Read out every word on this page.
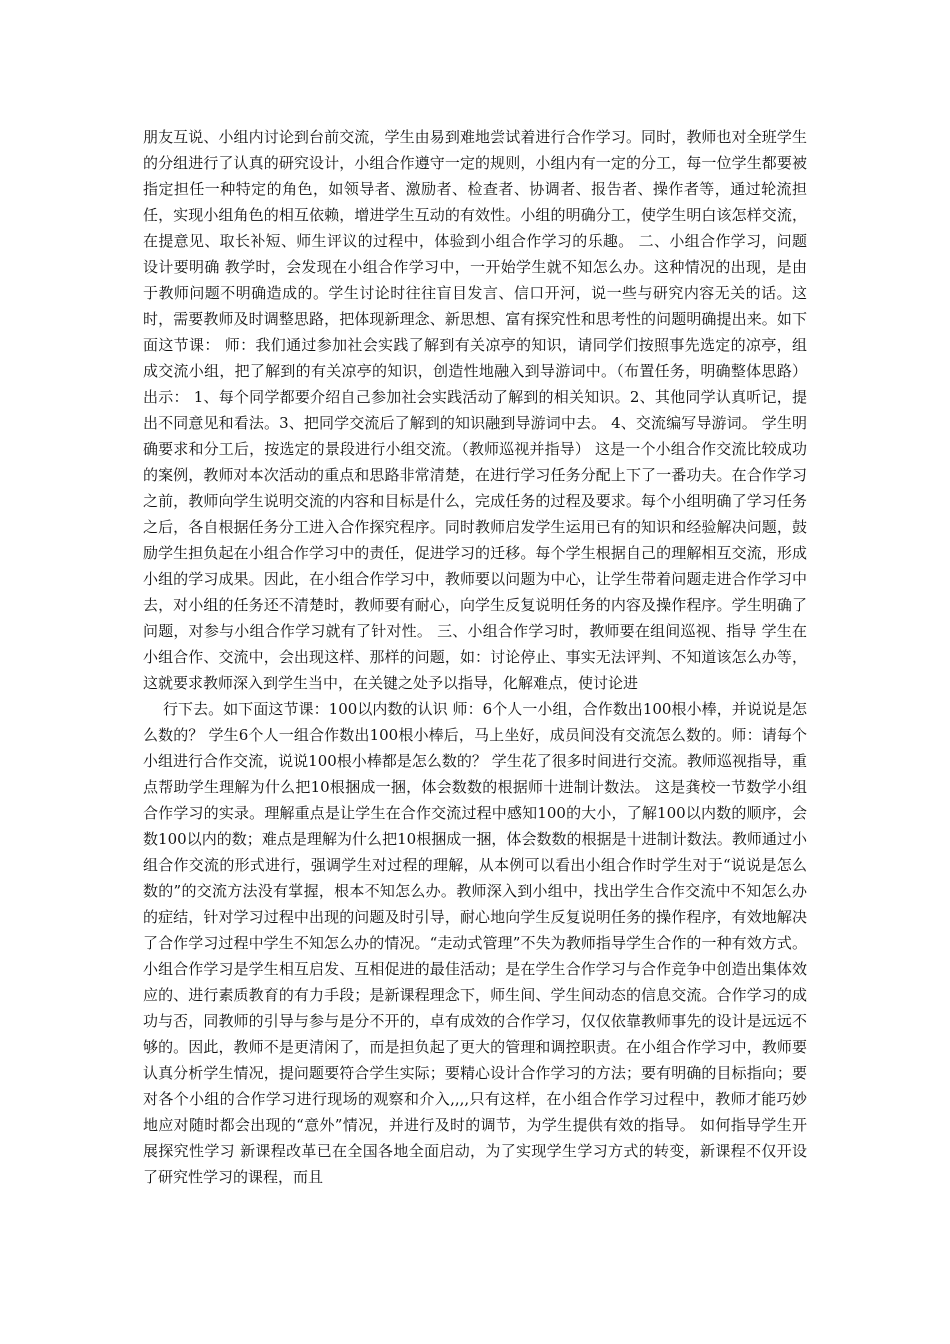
朋友互说、小组内讨论到台前交流，学生由易到难地尝试着进行合作学习。同时，教师也对全班学生的分组进行了认真的研究设计，小组合作遵守一定的规则，小组内有一定的分工，每一位学生都要被指定担任一种特定的角色，如领导者、激励者、检查者、协调者、报告者、操作者等，通过轮流担任，实现小组角色的相互依赖，增进学生互动的有效性。小组的明确分工，使学生明白该怎样交流，在提意见、取长补短、师生评议的过程中，体验到小组合作学习的乐趣。 二、小组合作学习，问题设计要明确 教学时，会发现在小组合作学习中，一开始学生就不知怎么办。这种情况的出现，是由于教师问题不明确造成的。学生讨论时往往盲目发言、信口开河，说一些与研究内容无关的话。这时，需要教师及时调整思路，把体现新理念、新思想、富有探究性和思考性的问题明确提出来。如下面这节课： 师：我们通过参加社会实践了解到有关凉亭的知识，请同学们按照事先选定的凉亭，组成交流小组，把了解到的有关凉亭的知识，创造性地融入到导游词中。（布置任务，明确整体思路）出示： 1、每个同学都要介绍自己参加社会实践活动了解到的相关知识。2、其他同学认真听记，提出不同意见和看法。3、把同学交流后了解到的知识融到导游词中去。 4、交流编写导游词。 学生明确要求和分工后，按选定的景段进行小组交流。（教师巡视并指导） 这是一个小组合作交流比较成功的案例，教师对本次活动的重点和思路非常清楚，在进行学习任务分配上下了一番功夫。在合作学习之前，教师向学生说明交流的内容和目标是什么，完成任务的过程及要求。每个小组明确了学习任务之后，各自根据任务分工进入合作探究程序。同时教师启发学生运用已有的知识和经验解决问题，鼓励学生担负起在小组合作学习中的责任，促进学习的迁移。每个学生根据自己的理解相互交流，形成小组的学习成果。因此，在小组合作学习中，教师要以问题为中心，让学生带着问题走进合作学习中去，对小组的任务还不清楚时，教师要有耐心，向学生反复说明任务的内容及操作程序。学生明确了问题，对参与小组合作学习就有了针对性。 三、小组合作学习时，教师要在组间巡视、指导 学生在小组合作、交流中，会出现这样、那样的问题，如：讨论停止、事实无法评判、不知道该怎么办等，这就要求教师深入到学生当中，在关键之处予以指导，化解难点，使讨论进

行下去。如下面这节课：100以内数的认识 师：6个人一小组，合作数出100根小棒，并说说是怎么数的？ 学生6个人一组合作数出100根小棒后，马上坐好，成员间没有交流怎么数的。师：请每个小组进行合作交流，说说100根小棒都是怎么数的？ 学生花了很多时间进行交流。教师巡视指导，重点帮助学生理解为什么把10根捆成一捆，体会数数的根据师十进制计数法。 这是龚校一节数学小组合作学习的实录。理解重点是让学生在合作交流过程中感知100的大小，了解100以内数的顺序，会数100以内的数；难点是理解为什么把10根捆成一捆，体会数数的根据是十进制计数法。教师通过小组合作交流的形式进行，强调学生对过程的理解，从本例可以看出小组合作时学生对于“说说是怎么数的”的交流方法没有掌握，根本不知怎么办。教师深入到小组中，找出学生合作交流中不知怎么办的症结，针对学习过程中出现的问题及时引导，耐心地向学生反复说明任务的操作程序，有效地解决了合作学习过程中学生不知怎么办的情况。“走动式管理”不失为教师指导学生合作的一种有效方式。 小组合作学习是学生相互启发、互相促进的最佳活动；是在学生合作学习与合作竞争中创造出集体效应的、进行素质教育的有力手段；是新课程理念下，师生间、学生间动态的信息交流。合作学习的成功与否，同教师的引导与参与是分不开的，卓有成效的合作学习，仅仅依靠教师事先的设计是远远不够的。因此，教师不是更清闲了，而是担负起了更大的管理和调控职责。在小组合作学习中，教师要认真分析学生情况，提问题要符合学生实际；要精心设计合作学习的方法；要有明确的目标指向；要对各个小组的合作学习进行现场的观察和介入,,,,只有这样，在小组合作学习过程中，教师才能巧妙地应对随时都会出现的“意外”情况，并进行及时的调节，为学生提供有效的指导。 如何指导学生开展探究性学习 新课程改革已在全国各地全面启动，为了实现学生学习方式的转变，新课程不仅开设了研究性学习的课程，而且
